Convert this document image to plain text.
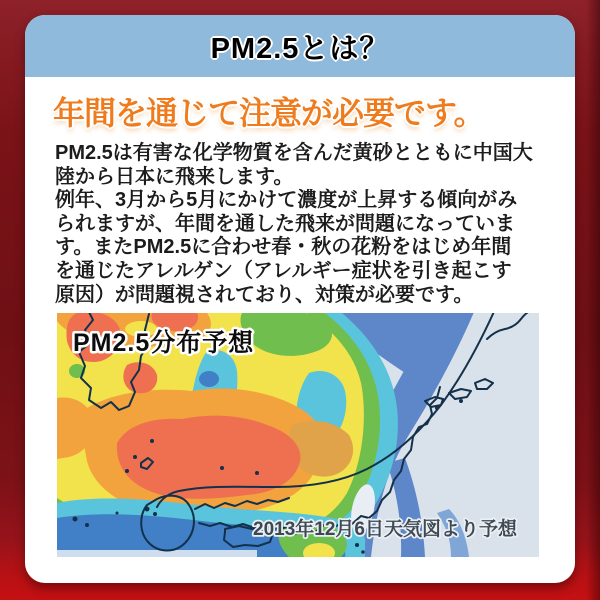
PM2.5とは？
年間を通じて注意が必要です。
PM2.5は有害な化学物質を含んだ黄砂とともに中国大
陸から日本に飛来します。
例年、3月から5月にかけて濃度が上昇する傾向がみ
られますが、年間を通した飛来が問題になっていま
す。またPM2.5に合わせ春・秋の花粉をはじめ年間
を通じたアレルゲン（アレルギー症状を引き起こす
原因）が問題視されており、対策が必要です。
PM2.5分布予想
2013年12月6日天気図より予想
